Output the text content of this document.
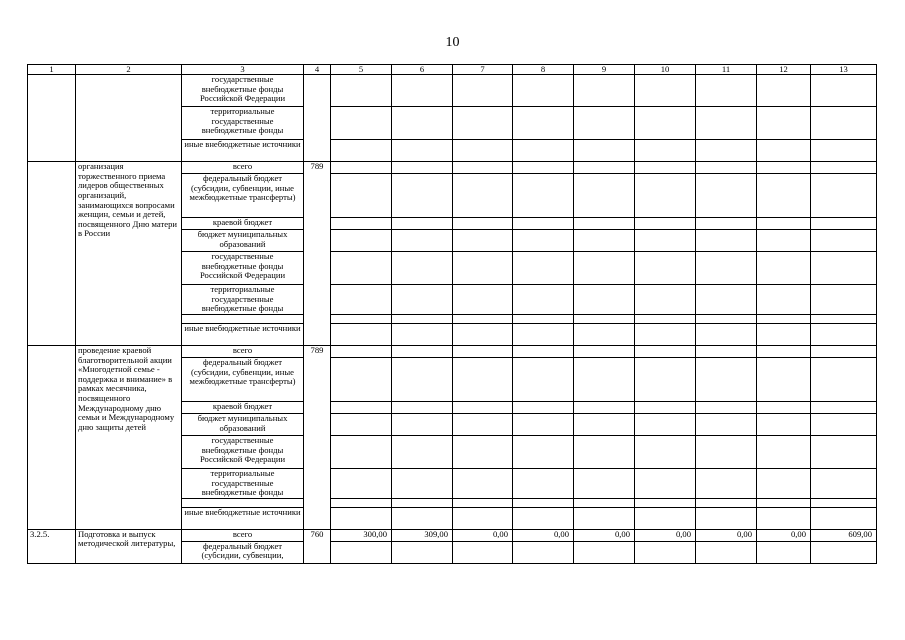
10
1	2	3	4	5	6	7	8	9	10	11	12	13
		государственные внебюджетные фонды Российской Федерации										
		территориальные государственные внебюджетные фонды										
		иные внебюджетные источники										
	организация торжественного приема лидеров общественных организаций, занимающихся вопросами женщин, семьи и детей, посвященного Дню матери в России	всего	789									
		федеральный бюджет (субсидии, субвенции, иные межбюджетные трансферты)										
		краевой бюджет										
		бюджет муниципальных образований										
		государственные внебюджетные фонды Российской Федерации										
		территориальные государственные внебюджетные фонды										

		иные внебюджетные источники										
	проведение краевой благотворительной акции «Многодетной семье - поддержка и внимание» в рамках месячника, посвященного Международному дню семьи и Международному дню защиты детей	всего	789									
		федеральный бюджет (субсидии, субвенции, иные межбюджетные трансферты)										
		краевой бюджет										
		бюджет муниципальных образований										
		государственные внебюджетные фонды Российской Федерации										
		территориальные государственные внебюджетные фонды										

		иные внебюджетные источники										
3.2.5.	Подготовка и выпуск методической литературы,	всего	760	300,00	309,00	0,00	0,00	0,00	0,00	0,00	0,00	609,00
		федеральный бюджет (субсидии, субвенции,										
